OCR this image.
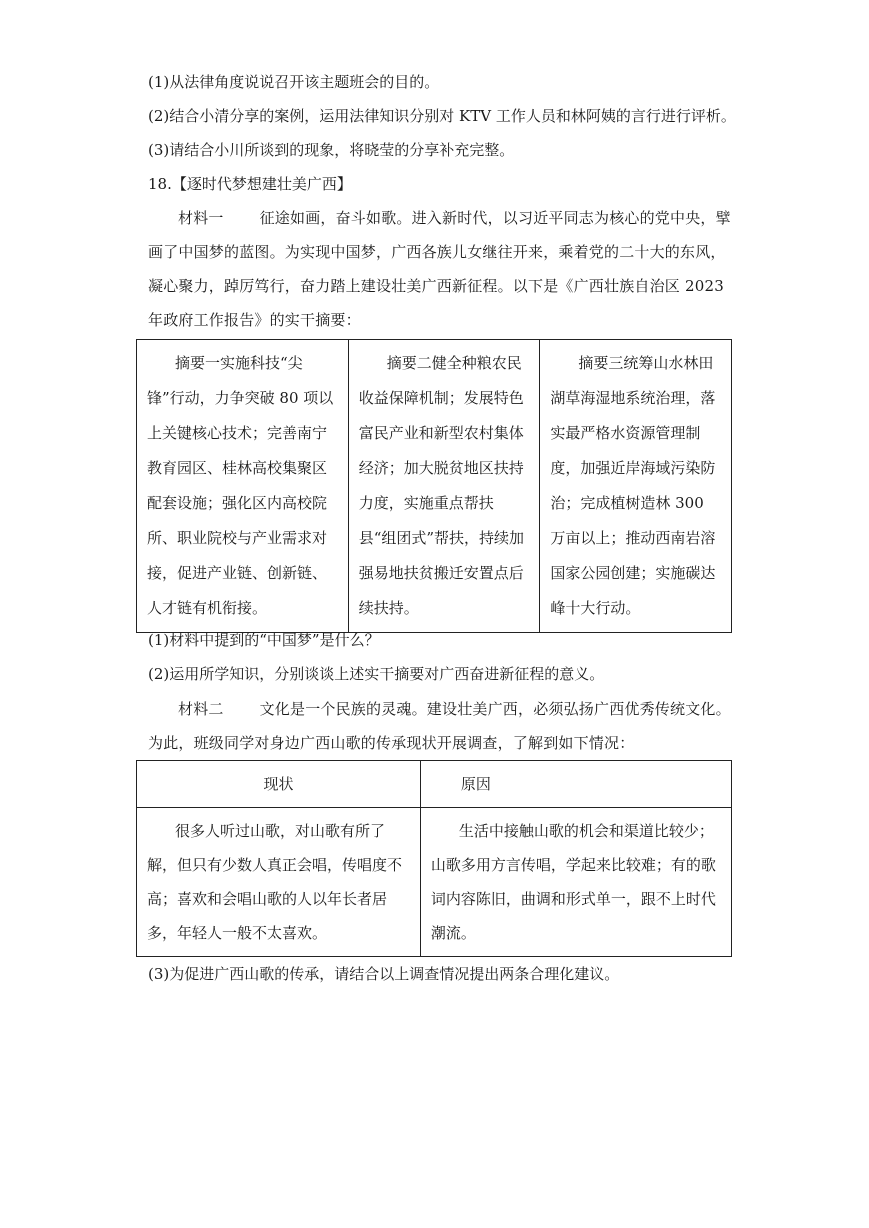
(1)从法律角度说说召开该主题班会的目的。
(2)结合小清分享的案例，运用法律知识分别对 KTV 工作人员和林阿姨的言行进行评析。
(3)请结合小川所谈到的现象，将晓莹的分享补充完整。
18.【逐时代梦想建壮美广西】
材料一 征途如画，奋斗如歌。进入新时代，以习近平同志为核心的党中央，擘画了中国梦的蓝图。为实现中国梦，广西各族儿女继往开来，乘着党的二十大的东风，凝心聚力，踔厉笃行，奋力踏上建设壮美广西新征程。以下是《广西壮族自治区 2023 年政府工作报告》的实干摘要：
摘要一实施科技“尖锋”行动，力争突破 80 项以上关键核心技术；完善南宁教育园区、桂林高校集聚区配套设施；强化区内高校院所、职业院校与产业需求对接，促进产业链、创新链、人才链有机衔接。	摘要二健全种粮农民收益保障机制；发展特色富民产业和新型农村集体经济；加大脱贫地区扶持力度，实施重点帮扶县“组团式”帮扶，持续加强易地扶贫搬迁安置点后续扶持。	摘要三统筹山水林田湖草海湿地系统治理，落实最严格水资源管理制度，加强近岸海域污染防治；完成植树造林 300 万亩以上；推动西南岩溶国家公园创建；实施碳达峰十大行动。
(1)材料中提到的“中国梦”是什么？
(2)运用所学知识，分别谈谈上述实干摘要对广西奋进新征程的意义。
材料二 文化是一个民族的灵魂。建设壮美广西，必须弘扬广西优秀传统文化。为此，班级同学对身边广西山歌的传承现状开展调查，了解到如下情况：
现状	原因
很多人听过山歌，对山歌有所了解，但只有少数人真正会唱，传唱度不高；喜欢和会唱山歌的人以年长者居多，年轻人一般不太喜欢。	生活中接触山歌的机会和渠道比较少；山歌多用方言传唱，学起来比较难；有的歌词内容陈旧，曲调和形式单一，跟不上时代潮流。
(3)为促进广西山歌的传承，请结合以上调查情况提出两条合理化建议。
